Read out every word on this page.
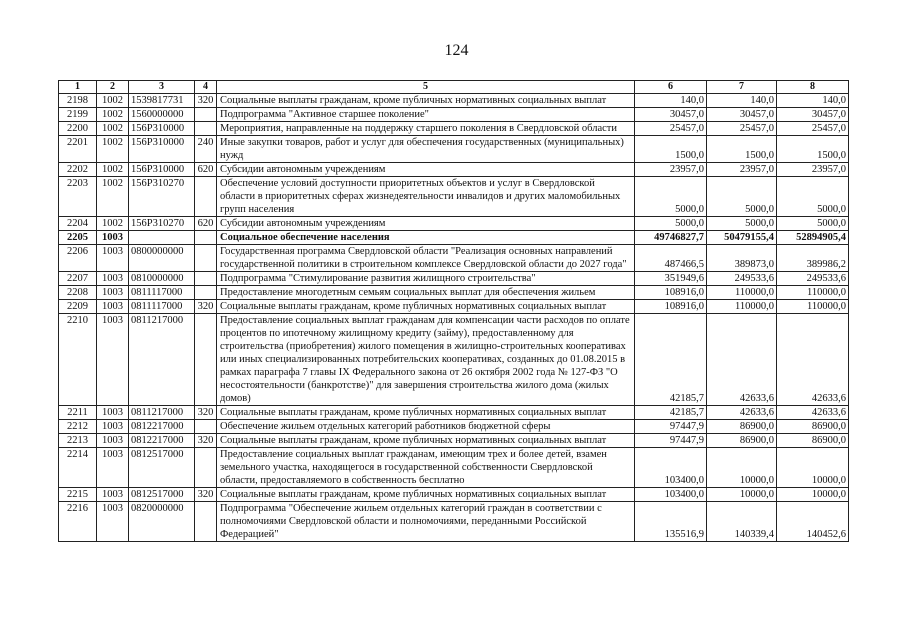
124
1	2	3	4	5	6	7	8
2198	1002	1539817731	320	Социальные выплаты гражданам, кроме публичных нормативных социальных выплат	140,0	140,0	140,0
2199	1002	1560000000		Подпрограмма "Активное старшее поколение"	30457,0	30457,0	30457,0
2200	1002	156Р310000		Мероприятия, направленные на поддержку старшего поколения в Свердловской области	25457,0	25457,0	25457,0
2201	1002	156Р310000	240	Иные закупки товаров, работ и услуг для обеспечения государственных (муниципальных) нужд	1500,0	1500,0	1500,0
2202	1002	156Р310000	620	Субсидии автономным учреждениям	23957,0	23957,0	23957,0
2203	1002	156Р310270		Обеспечение условий доступности приоритетных объектов и услуг в Свердловской области в приоритетных сферах жизнедеятельности инвалидов и других маломобильных групп населения	5000,0	5000,0	5000,0
2204	1002	156Р310270	620	Субсидии автономным учреждениям	5000,0	5000,0	5000,0
2205	1003			Социальное обеспечение населения	49746827,7	50479155,4	52894905,4
2206	1003	0800000000		Государственная программа Свердловской области "Реализация основных направлений государственной политики в строительном комплексе Свердловской области до 2027 года"	487466,5	389873,0	389986,2
2207	1003	0810000000		Подпрограмма "Стимулирование развития жилищного строительства"	351949,6	249533,6	249533,6
2208	1003	0811117000		Предоставление многодетным семьям социальных выплат для обеспечения жильем	108916,0	110000,0	110000,0
2209	1003	0811117000	320	Социальные выплаты гражданам, кроме публичных нормативных социальных выплат	108916,0	110000,0	110000,0
2210	1003	0811217000		Предоставление социальных выплат гражданам для компенсации части расходов по оплате процентов по ипотечному жилищному кредиту (займу), предоставленному для строительства (приобретения) жилого помещения в жилищно-строительных кооперативах или иных специализированных потребительских кооперативах, созданных до 01.08.2015 в рамках параграфа 7 главы IX Федерального закона от 26 октября 2002 года № 127-ФЗ "О несостоятельности (банкротстве)" для завершения строительства жилого дома (жилых домов)	42185,7	42633,6	42633,6
2211	1003	0811217000	320	Социальные выплаты гражданам, кроме публичных нормативных социальных выплат	42185,7	42633,6	42633,6
2212	1003	0812217000		Обеспечение жильем отдельных категорий работников бюджетной сферы	97447,9	86900,0	86900,0
2213	1003	0812217000	320	Социальные выплаты гражданам, кроме публичных нормативных социальных выплат	97447,9	86900,0	86900,0
2214	1003	0812517000		Предоставление социальных выплат гражданам, имеющим трех и более детей, взамен земельного участка, находящегося в государственной собственности Свердловской области, предоставляемого в собственность бесплатно	103400,0	10000,0	10000,0
2215	1003	0812517000	320	Социальные выплаты гражданам, кроме публичных нормативных социальных выплат	103400,0	10000,0	10000,0
2216	1003	0820000000		Подпрограмма "Обеспечение жильем отдельных категорий граждан в соответствии с полномочиями Свердловской области и полномочиями, переданными Российской Федерацией"	135516,9	140339,4	140452,6
